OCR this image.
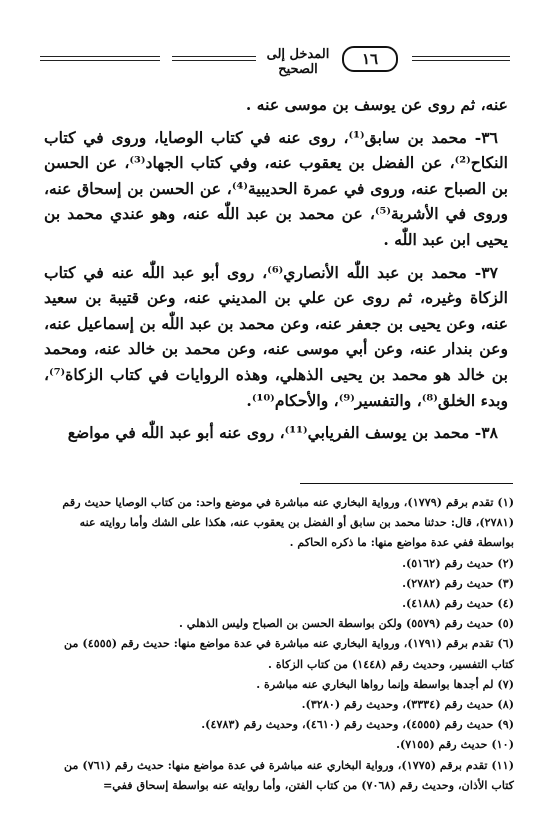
المدخل إلى الصحيح
١٦

عنه، ثم روى عن يوسف بن موسى عنه .

٣٦- محمد بن سابق⁽¹⁾، روى عنه في كتاب الوصايا، وروى في كتاب النكاح⁽²⁾، عن الفضل بن يعقوب عنه، وفي كتاب الجهاد⁽³⁾، عن الحسن بن الصباح عنه، وروى في عمرة الحديبية⁽⁴⁾، عن الحسن بن إسحاق عنه، وروى في الأشربة⁽⁵⁾، عن محمد بن عبد اللّٰه عنه، وهو عندي محمد بن يحيى ابن عبد اللّٰه .

٣٧- محمد بن عبد اللّٰه الأنصاري⁽⁶⁾، روى أبو عبد اللّٰه عنه في كتاب الزكاة وغيره، ثم روى عن علي بن المديني عنه، وعن قتيبة بن سعيد عنه، وعن يحيى بن جعفر عنه، وعن محمد بن عبد اللّٰه بن إسماعيل عنه، وعن بندار عنه، وعن أبي موسى عنه، وعن محمد بن خالد عنه، ومحمد بن خالد هو محمد بن يحيى الذهلي، وهذه الروايات في كتاب الزكاة⁽⁷⁾، وبدء الخلق⁽⁸⁾، والتفسير⁽⁹⁾، والأحكام⁽¹⁰⁾.

٣٨- محمد بن يوسف الفريابي⁽¹¹⁾، روى عنه أبو عبد اللّٰه في مواضع

(١) تقدم برقم (١٧٧٩)، ورواية البخاري عنه مباشرة في موضع واحد: من كتاب الوصايا حديث رقم (٢٧٨١)، قال: حدثنا محمد بن سابق أو الفضل بن يعقوب عنه، هكذا على الشك وأما روايته عنه بواسطة ففي عدة مواضع منها: ما ذكره الحاكم .
(٢) حديث رقم (٥١٦٢).
(٣) حديث رقم (٢٧٨٢).
(٤) حديث رقم (٤١٨٨).
(٥) حديث رقم (٥٥٧٩) ولكن بواسطة الحسن بن الصباح وليس الذهلي .
(٦) تقدم برقم (١٧٩١)، ورواية البخاري عنه مباشرة في عدة مواضع منها: حديث رقم (٤٥٥٥) من كتاب التفسير، وحديث رقم (١٤٤٨) من كتاب الزكاة .
(٧) لم أجدها بواسطة وإنما رواها البخاري عنه مباشرة .
(٨) حديث رقم (٣٣٣٤)، وحديث رقم (٣٢٨٠).
(٩) حديث رقم (٤٥٥٥)، وحديث رقم (٤٦١٠)، وحديث رقم (٤٧٨٣).
(١٠) حديث رقم (٧١٥٥).
(١١) تقدم برقم (١٧٧٥)، ورواية البخاري عنه مباشرة في عدة مواضع منها: حديث رقم (٧٦١) من كتاب الأذان، وحديث رقم (٧٠٦٨) من كتاب الفتن، وأما روايته عنه بواسطة إسحاق ففي=
